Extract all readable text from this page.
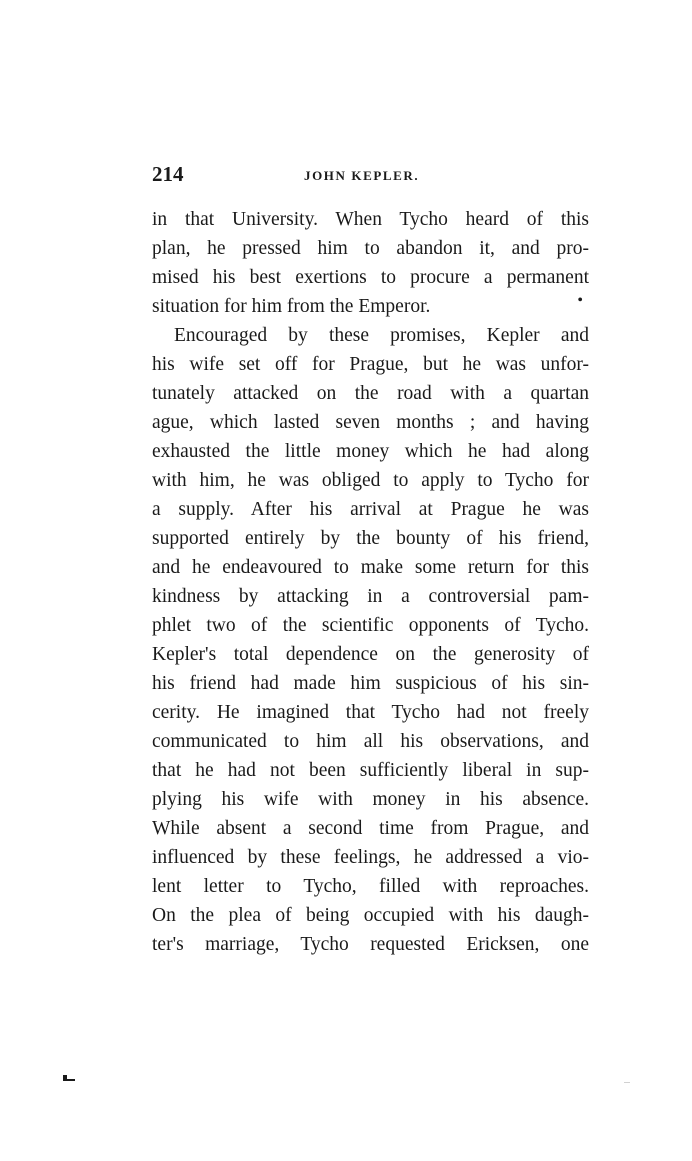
214	JOHN KEPLER.
in that University. When Tycho heard of this
plan, he pressed him to abandon it, and pro-
mised his best exertions to procure a permanent
situation for him from the Emperor.	•
Encouraged by these promises, Kepler and
his wife set off for Prague, but he was unfor-
tunately attacked on the road with a quartan
ague, which lasted seven months ; and having
exhausted the little money which he had along
with him, he was obliged to apply to Tycho for
a supply. After his arrival at Prague he was
supported entirely by the bounty of his friend,
and he endeavoured to make some return for this
kindness by attacking in a controversial pam-
phlet two of the scientific opponents of Tycho.
Kepler's total dependence on the generosity of
his friend had made him suspicious of his sin-
cerity. He imagined that Tycho had not freely
communicated to him all his observations, and
that he had not been sufficiently liberal in sup-
plying his wife with money in his absence.
While absent a second time from Prague, and
influenced by these feelings, he addressed a vio-
lent letter to Tycho, filled with reproaches.
On the plea of being occupied with his daugh-
ter's marriage, Tycho requested Ericksen, one
...
